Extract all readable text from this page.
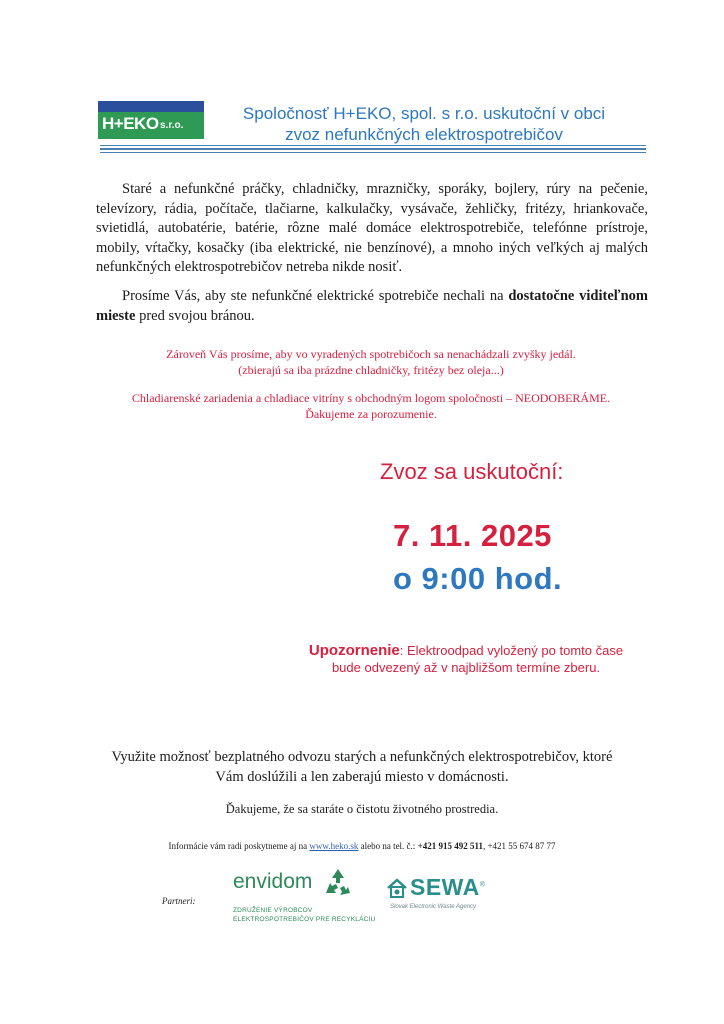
H+EKO s.r.o.
Spoločnosť H+EKO, spol. s r.o. uskutoční v obci
zvoz nefunkčných elektrospotrebičov
Staré a nefunkčné práčky, chladničky, mrazničky, sporáky, bojlery, rúry na pečenie, televízory, rádia, počítače, tlačiarne, kalkulačky, vysávače, žehličky, fritézy, hriankovače, svietidlá, autobatérie, batérie, rôzne malé domáce elektrospotrebiče, telefónne prístroje, mobily, vŕtačky, kosačky (iba elektrické, nie benzínové), a mnoho iných veľkých aj malých nefunkčných elektrospotrebičov netreba nikde nosiť.
Prosíme Vás, aby ste nefunkčné elektrické spotrebiče nechali na dostatočne viditeľnom mieste pred svojou bránou.
Zároveň Vás prosíme, aby vo vyradených spotrebičoch sa nenachádzali zvyšky jedál.
(zbierajú sa iba prázdne chladničky, fritézy bez oleja...)
Chladiarenské zariadenia a chladiace vitríny s obchodným logom spoločnosti – NEODOBERÁME.
Ďakujeme za porozumenie.
Zvoz sa uskutoční:
7. 11. 2025
o 9:00 hod.
Upozornenie: Elektroodpad vyložený po tomto čase
bude odvezený až v najbližšom termíne zberu.
Využite možnosť bezplatného odvozu starých a nefunkčných elektrospotrebičov, ktoré
Vám doslúžili a len zaberajú miesto v domácnosti.
Ďakujeme, že sa staráte o čistotu životného prostredia.
Informácie vám radi poskytneme aj na www.heko.sk alebo na tel. č.: +421 915 492 511, +421 55 674 87 77
Partneri:
envidom
ZDRUŽENIE VÝROBCOV
ELEKTROSPOTREBIČOV PRE RECYKLÁCIU
SEWA®
Slovak Electronic Waste Agency
